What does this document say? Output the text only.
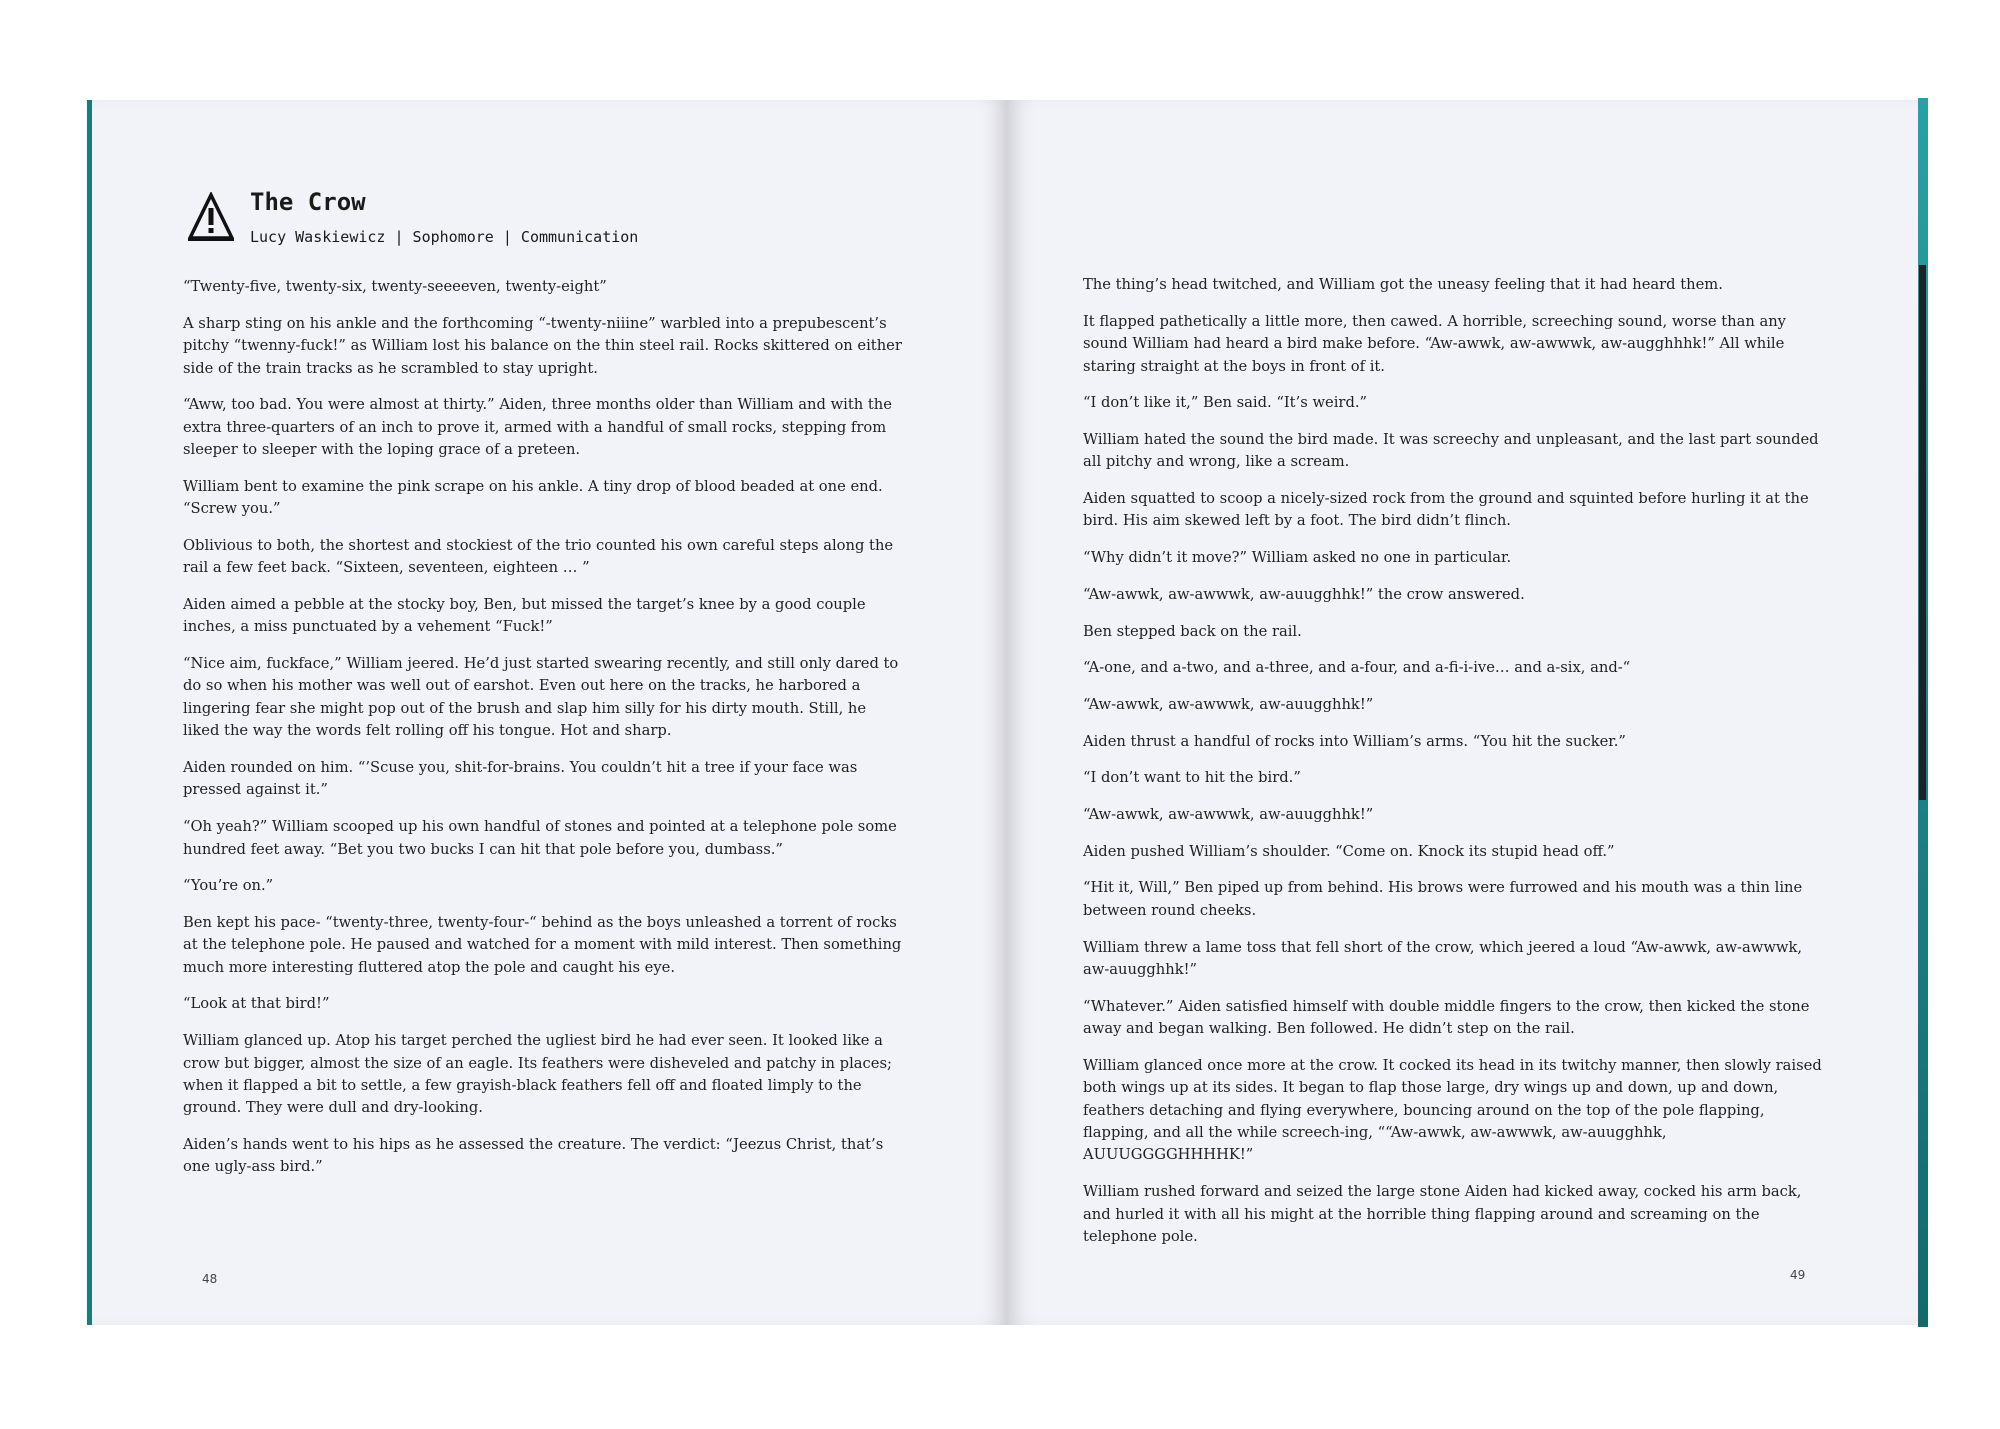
The Crow
Lucy Waskiewicz | Sophomore | Communication

“Twenty-five, twenty-six, twenty-seeeeven, twenty-eight”

A sharp sting on his ankle and the forthcoming “-twenty-niiine” warbled into a prepubescent’s pitchy “twenny-fuck!” as William lost his balance on the thin steel rail. Rocks skittered on either side of the train tracks as he scrambled to stay upright.

“Aww, too bad. You were almost at thirty.” Aiden, three months older than William and with the extra three-quarters of an inch to prove it, armed with a handful of small rocks, stepping from sleeper to sleeper with the loping grace of a preteen.

William bent to examine the pink scrape on his ankle. A tiny drop of blood beaded at one end. “Screw you.”

Oblivious to both, the shortest and stockiest of the trio counted his own careful steps along the rail a few feet back. “Sixteen, seventeen, eighteen … ”

Aiden aimed a pebble at the stocky boy, Ben, but missed the target’s knee by a good couple inches, a miss punctuated by a vehement “Fuck!”

“Nice aim, fuckface,” William jeered. He’d just started swearing recently, and still only dared to do so when his mother was well out of earshot. Even out here on the tracks, he harbored a lingering fear she might pop out of the brush and slap him silly for his dirty mouth. Still, he liked the way the words felt rolling off his tongue. Hot and sharp.

Aiden rounded on him. “’Scuse you, shit-for-brains. You couldn’t hit a tree if your face was pressed against it.”

“Oh yeah?” William scooped up his own handful of stones and pointed at a telephone pole some hundred feet away. “Bet you two bucks I can hit that pole before you, dumbass.”

“You’re on.”

Ben kept his pace- “twenty-three, twenty-four-“ behind as the boys unleashed a torrent of rocks at the telephone pole. He paused and watched for a moment with mild interest. Then something much more interesting fluttered atop the pole and caught his eye.

“Look at that bird!”

William glanced up. Atop his target perched the ugliest bird he had ever seen. It looked like a crow but bigger, almost the size of an eagle. Its feathers were disheveled and patchy in places; when it flapped a bit to settle, a few grayish-black feathers fell off and floated limply to the ground. They were dull and dry-looking.

Aiden’s hands went to his hips as he assessed the creature. The verdict: “Jeezus Christ, that’s one ugly-ass bird.”

48

The thing’s head twitched, and William got the uneasy feeling that it had heard them.

It flapped pathetically a little more, then cawed. A horrible, screeching sound, worse than any sound William had heard a bird make before. “Aw-awwk, aw-awwwk, aw-augghhhk!” All while staring straight at the boys in front of it.

“I don’t like it,” Ben said. “It’s weird.”

William hated the sound the bird made. It was screechy and unpleasant, and the last part sounded all pitchy and wrong, like a scream.

Aiden squatted to scoop a nicely-sized rock from the ground and squinted before hurling it at the bird. His aim skewed left by a foot. The bird didn’t flinch.

“Why didn’t it move?” William asked no one in particular.

“Aw-awwk, aw-awwwk, aw-auugghhk!” the crow answered.

Ben stepped back on the rail.

“A-one, and a-two, and a-three, and a-four, and a-fi-i-ive… and a-six, and-“

“Aw-awwk, aw-awwwk, aw-auugghhk!”

Aiden thrust a handful of rocks into William’s arms. “You hit the sucker.”

“I don’t want to hit the bird.”

“Aw-awwk, aw-awwwk, aw-auugghhk!”

Aiden pushed William’s shoulder. “Come on. Knock its stupid head off.”

“Hit it, Will,” Ben piped up from behind. His brows were furrowed and his mouth was a thin line between round cheeks.

William threw a lame toss that fell short of the crow, which jeered a loud “Aw-awwk, aw-awwwk, aw-auugghhk!”

“Whatever.” Aiden satisfied himself with double middle fingers to the crow, then kicked the stone away and began walking. Ben followed. He didn’t step on the rail.

William glanced once more at the crow. It cocked its head in its twitchy manner, then slowly raised both wings up at its sides. It began to flap those large, dry wings up and down, up and down, feathers detaching and flying everywhere, bouncing around on the top of the pole flapping, flapping, and all the while screech-ing, ““Aw-awwk, aw-awwwk, aw-auugghhk, AUUUGGGGHHHHK!”

William rushed forward and seized the large stone Aiden had kicked away, cocked his arm back, and hurled it with all his might at the horrible thing flapping around and screaming on the telephone pole.

49
